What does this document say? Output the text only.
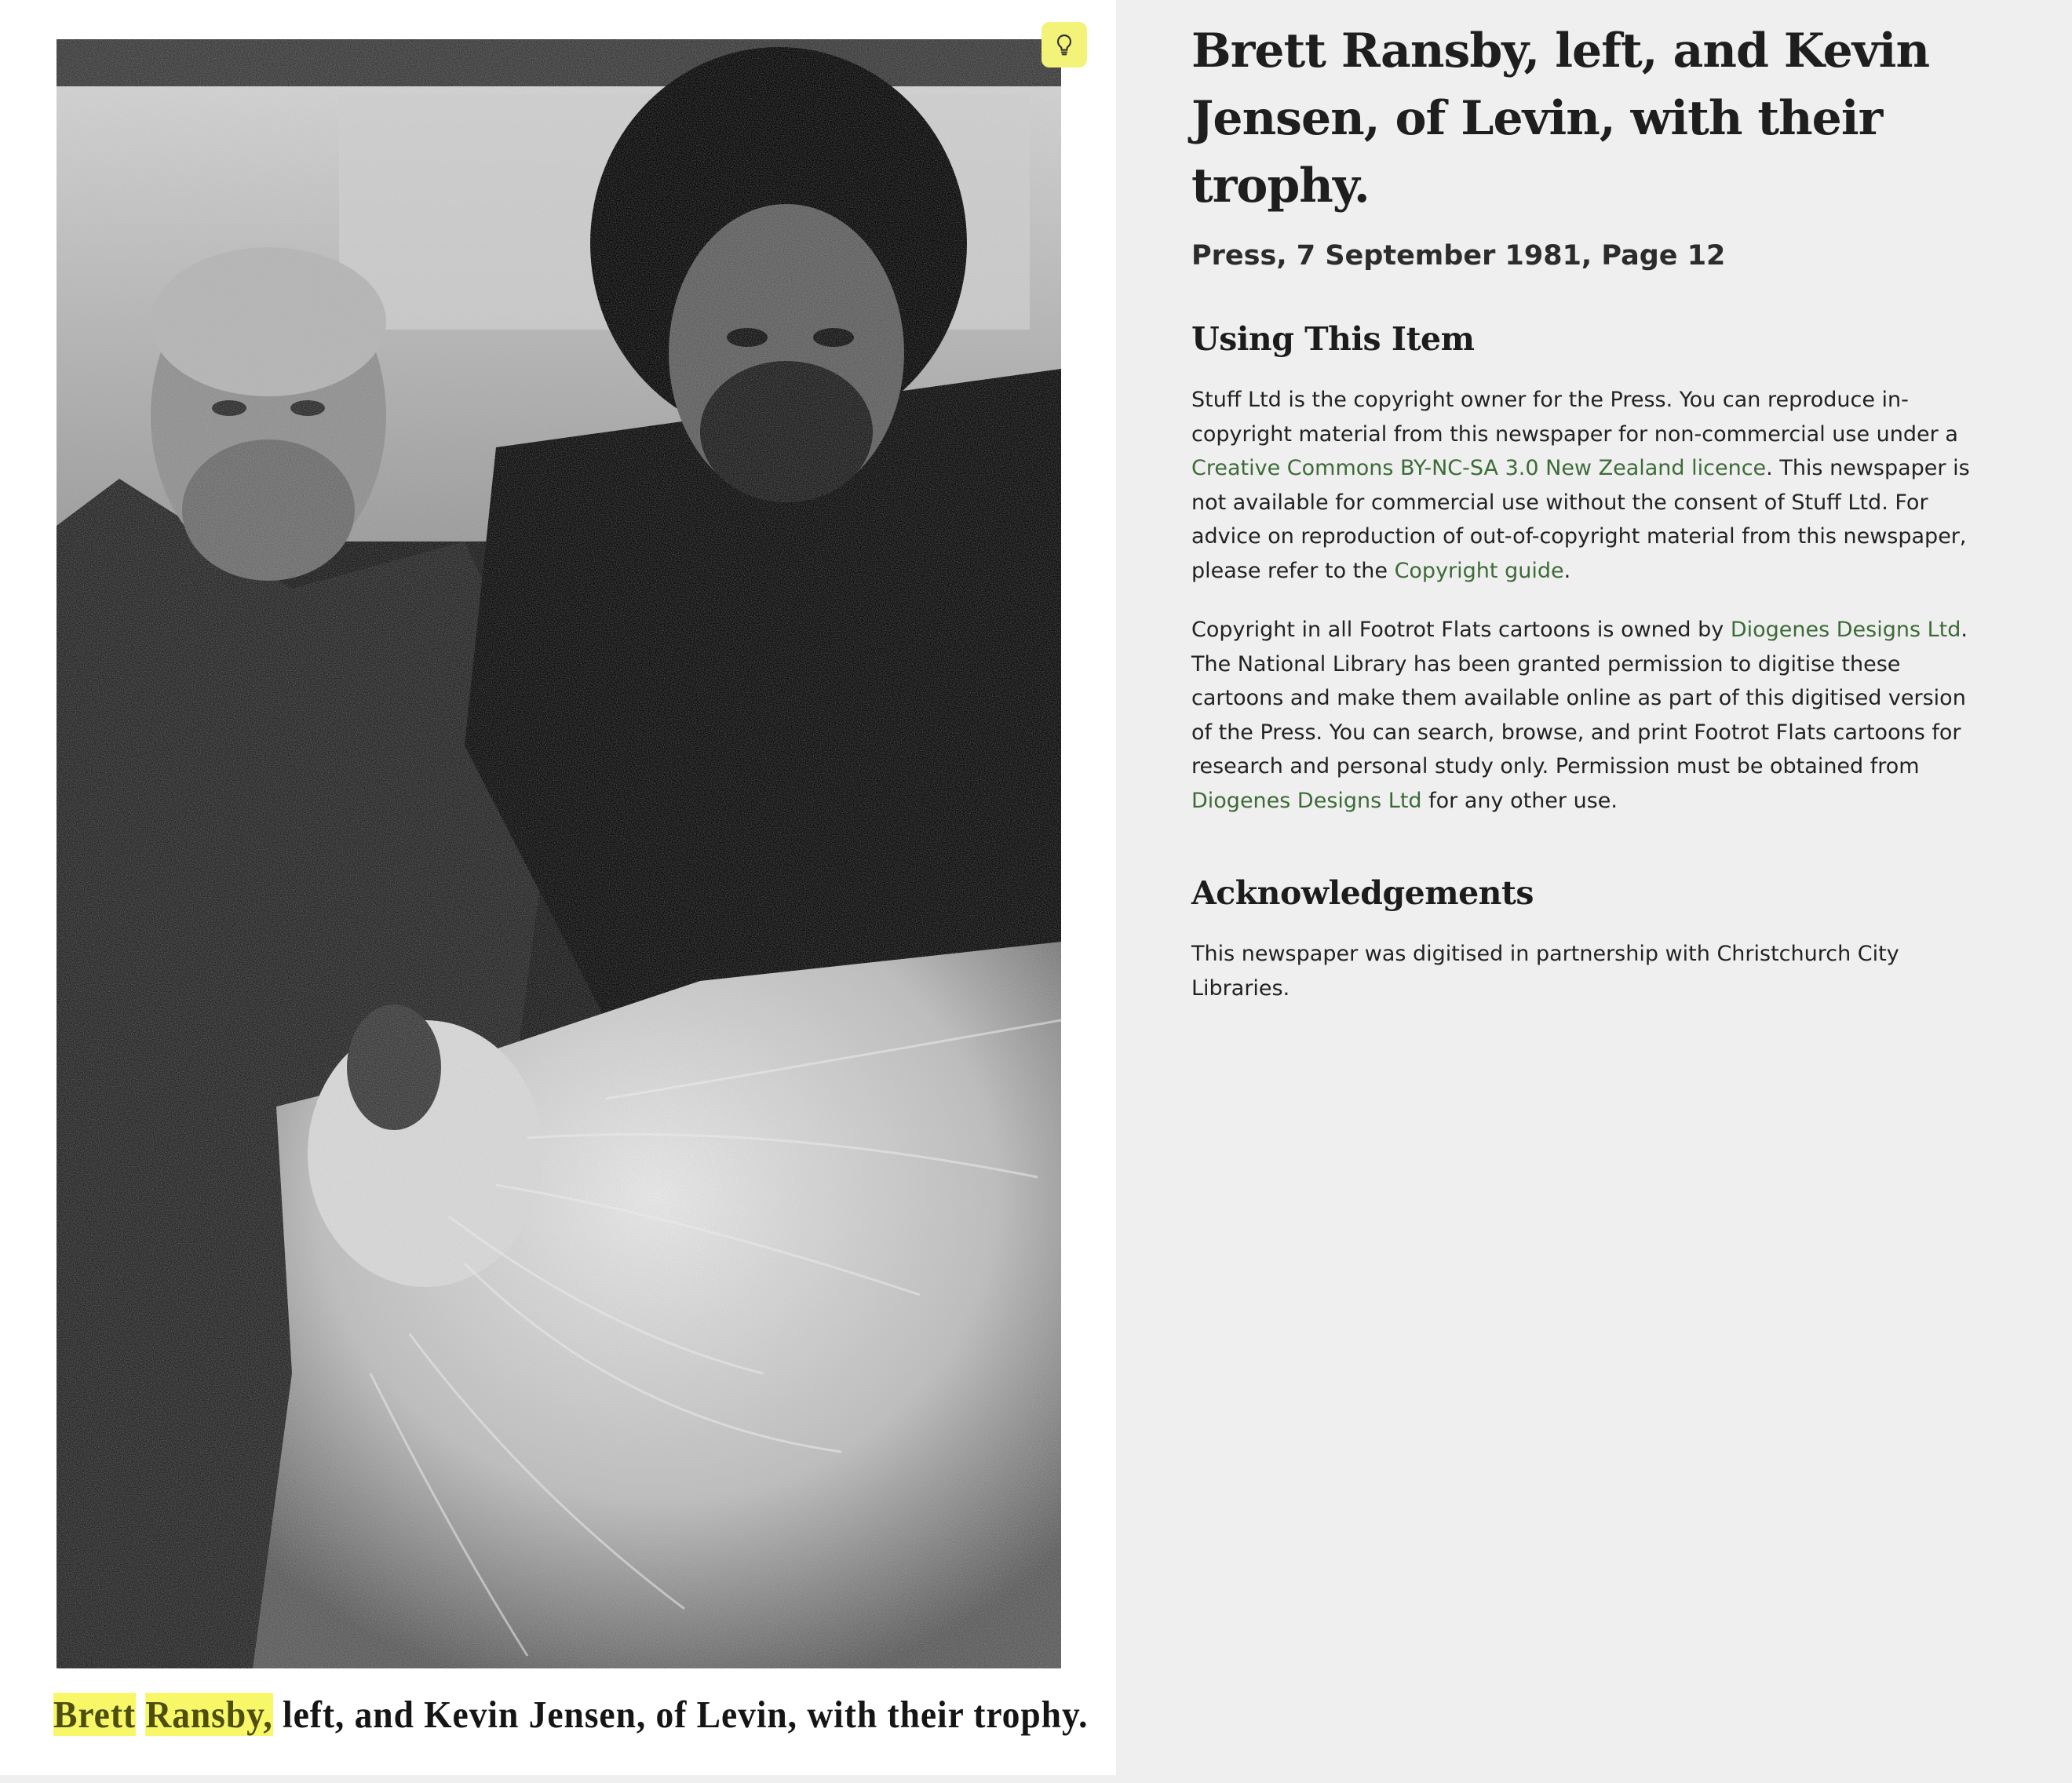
Brett Ransby, left, and Kevin Jensen, of Levin, with their trophy.
Brett Ransby, left, and Kevin Jensen, of Levin, with their trophy.
Press, 7 September 1981, Page 12
Using This Item

Stuff Ltd is the copyright owner for the Press. You can reproduce in-copyright material from this newspaper for non-commercial use under a Creative Commons BY-NC-SA 3.0 New Zealand licence. This newspaper is not available for commercial use without the consent of Stuff Ltd. For advice on reproduction of out-of-copyright material from this newspaper, please refer to the Copyright guide.

Copyright in all Footrot Flats cartoons is owned by Diogenes Designs Ltd. The National Library has been granted permission to digitise these cartoons and make them available online as part of this digitised version of the Press. You can search, browse, and print Footrot Flats cartoons for research and personal study only. Permission must be obtained from Diogenes Designs Ltd for any other use.

Acknowledgements

This newspaper was digitised in partnership with Christchurch City Libraries.
